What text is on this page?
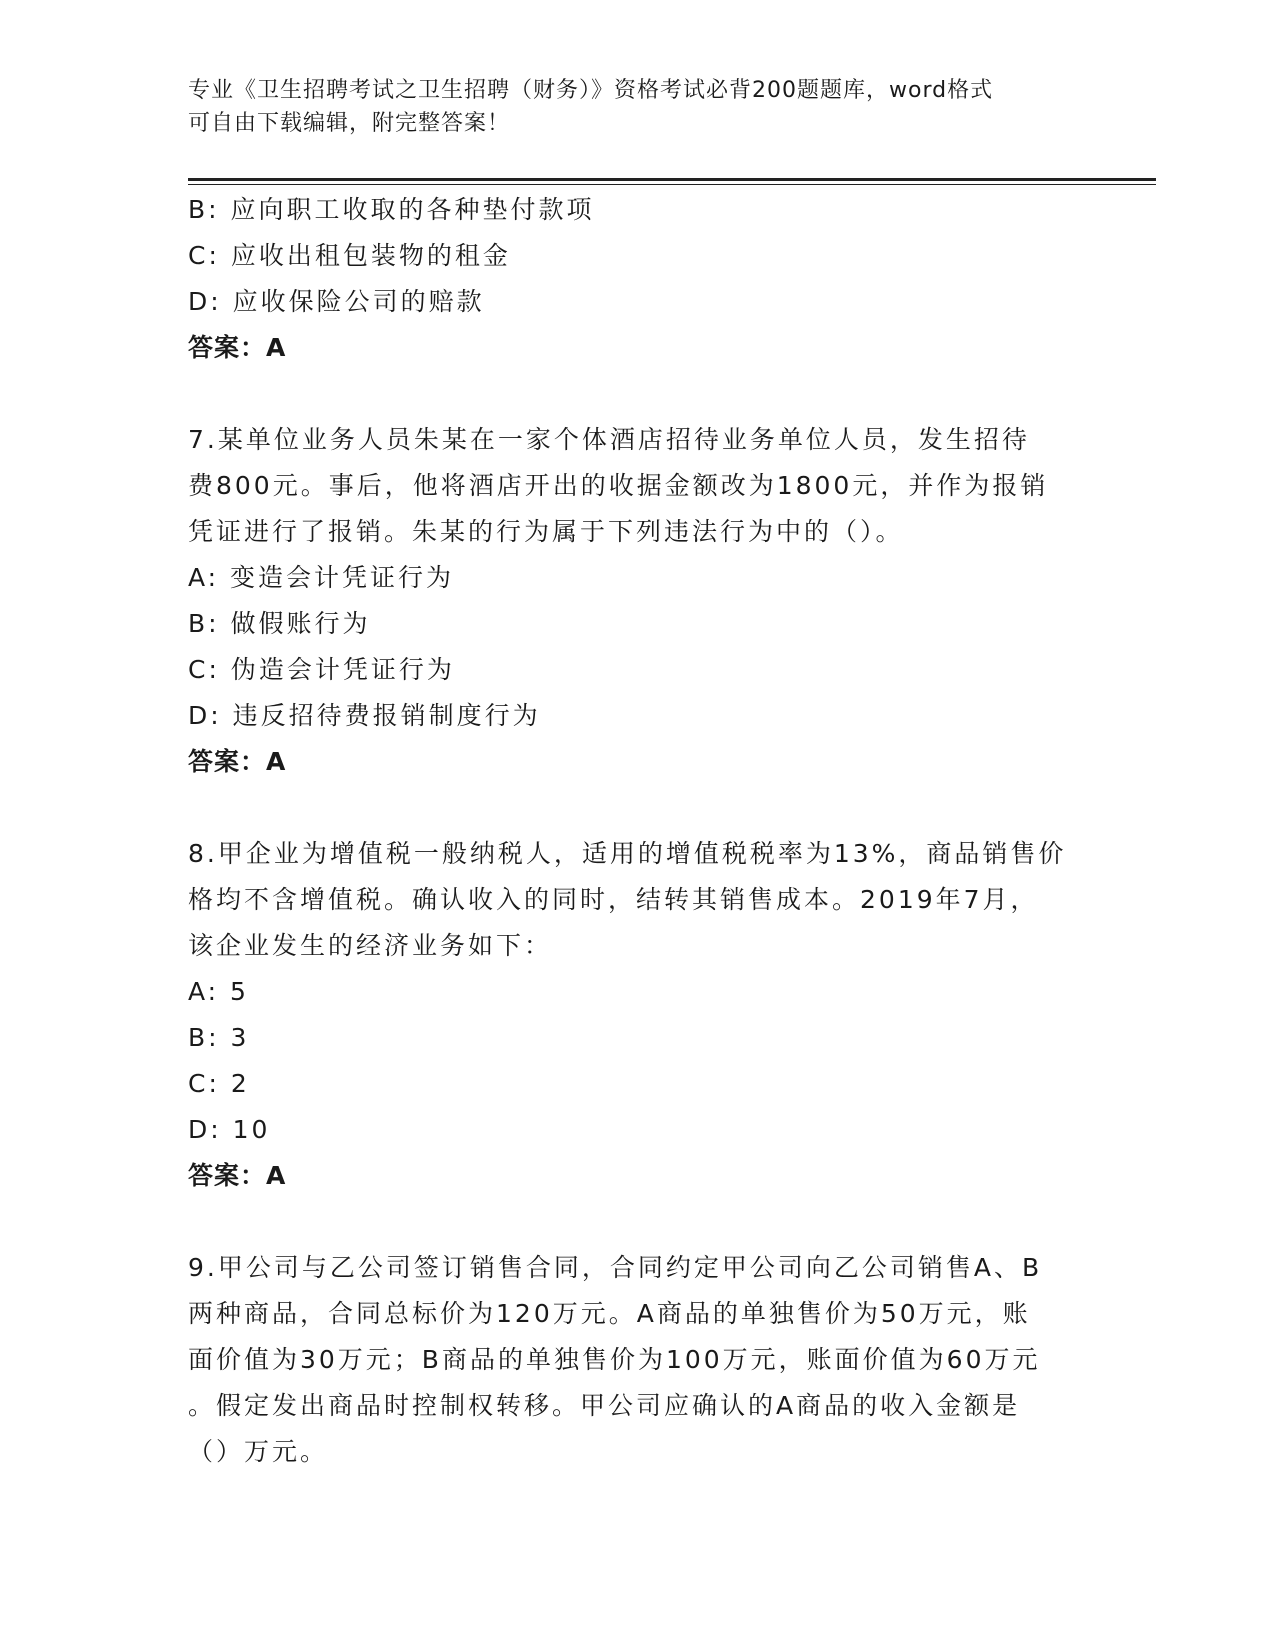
专业《卫生招聘考试之卫生招聘（财务）》资格考试必背200题题库，word格式
可自由下载编辑，附完整答案！
B: 应向职工收取的各种垫付款项
C: 应收出租包装物的租金
D: 应收保险公司的赔款
答案：A
7.某单位业务人员朱某在一家个体酒店招待业务单位人员，发生招待
费800元。事后，他将酒店开出的收据金额改为1800元，并作为报销
凭证进行了报销。朱某的行为属于下列违法行为中的（）。
A: 变造会计凭证行为
B: 做假账行为
C: 伪造会计凭证行为
D: 违反招待费报销制度行为
答案：A
8.甲企业为增值税一般纳税人，适用的增值税税率为13%，商品销售价
格均不含增值税。确认收入的同时，结转其销售成本。2019年7月，
该企业发生的经济业务如下：
A: 5
B: 3
C: 2
D: 10
答案：A
9.甲公司与乙公司签订销售合同，合同约定甲公司向乙公司销售A、B
两种商品，合同总标价为120万元。A商品的单独售价为50万元，账
面价值为30万元；B商品的单独售价为100万元，账面价值为60万元
。假定发出商品时控制权转移。甲公司应确认的A商品的收入金额是
（）万元。
